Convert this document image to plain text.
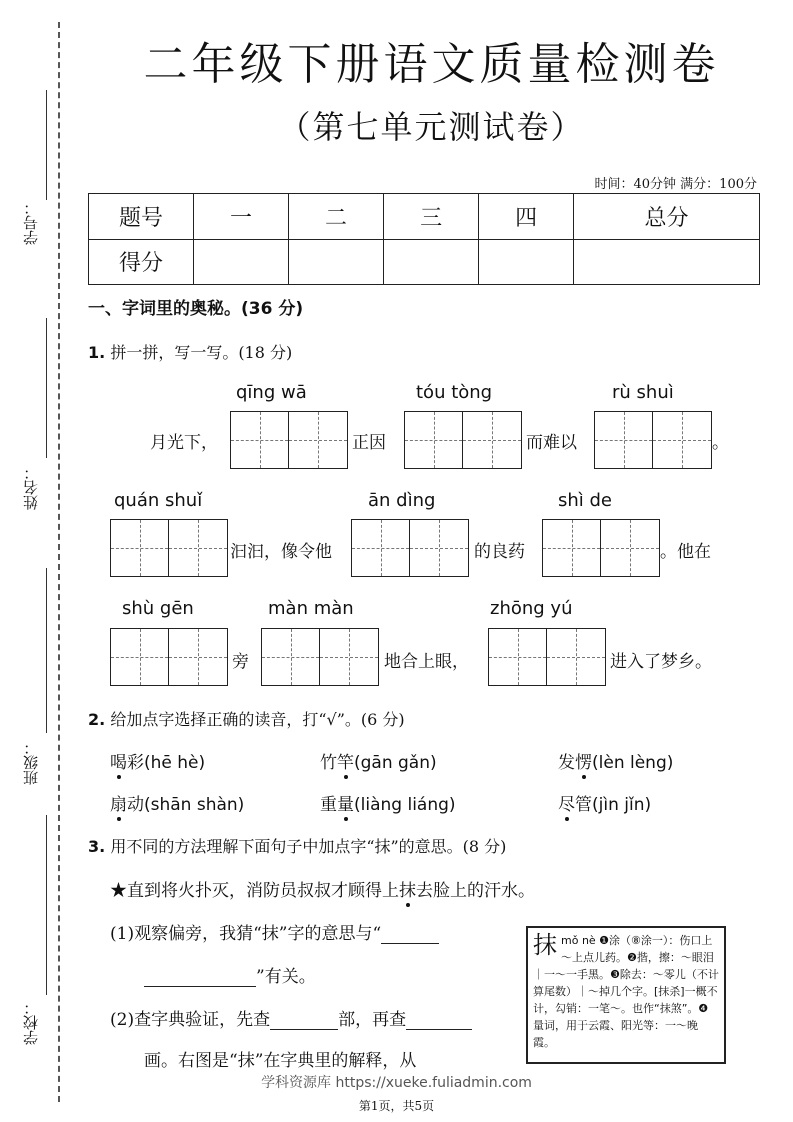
学号：
姓名：
班级：
学校：
二年级下册语文质量检测卷
（第七单元测试卷）
时间：40分钟 满分：100分
题号	一	二	三	四	总分
得分					
一、字词里的奥秘。(36 分)
1. 拼一拼，写一写。(18 分)
qīng wā	tóu tòng	rù shuì
月光下，	正因	而难以	。
quán shuǐ	ān dìng	shì de
汩汩，像令他	的良药	。他在
shù gēn	màn màn	zhōng yú
旁	地合上眼，	进入了梦乡。
2. 给加点字选择正确的读音，打“√”。(6 分)
喝彩(hē hè)	竹竿(gān gǎn)	发愣(lèn lèng)
扇动(shān shàn)	重量(liàng liáng)	尽管(jìn jǐn)
3. 用不同的方法理解下面句子中加点字“抹”的意思。(8 分)
★直到将火扑灭，消防员叔叔才顾得上抹去脸上的汗水。
(1)观察偏旁，我猜“抹”字的意思与“
”有关。
(2)查字典验证，先查	部，再查
画。右图是“抹”在字典里的解释，从
抹 mǒ nè ❶涂（⑧涂一）：伤口上～上点儿药。❷揩，擦：～眼泪｜一～一手黑。❸除去：～零儿（不计算尾数）｜～掉几个字。[抹杀]一概不计，勾销：一笔～。也作“抹煞”。❹量词，用于云霞、阳光等：一～晚霞。
学科资源库 https://xueke.fuliadmin.com
第1页，共5页
